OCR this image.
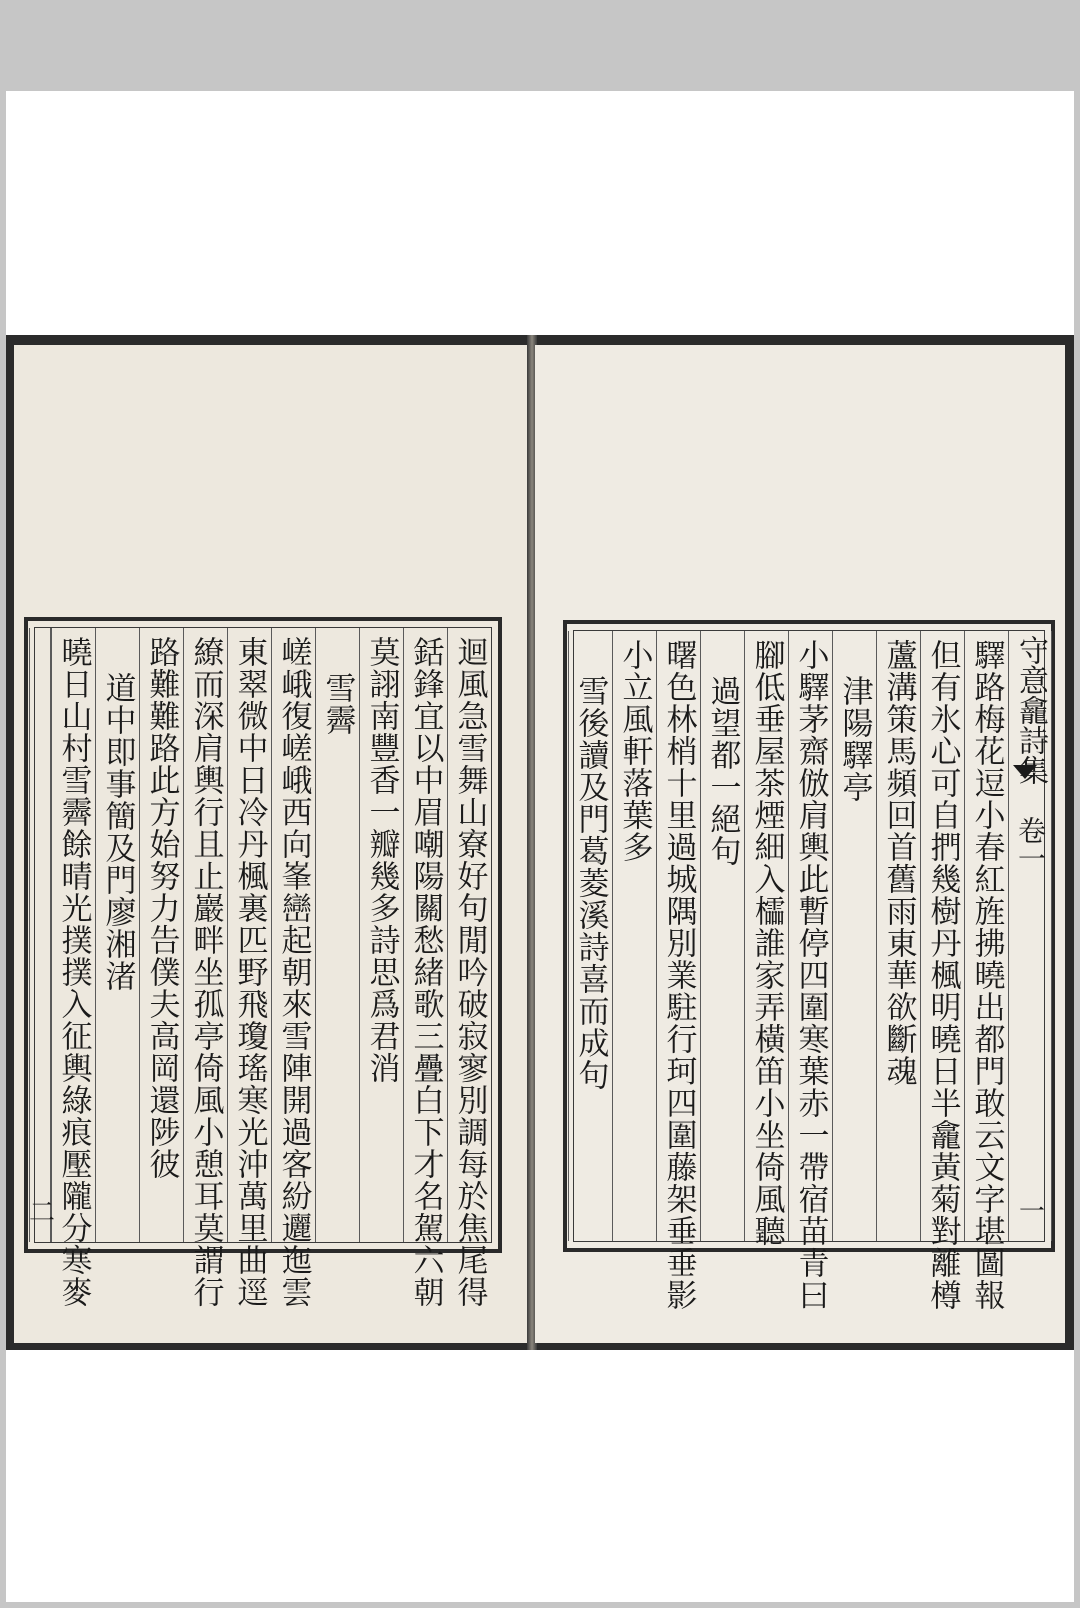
迴風急雪舞山寮好句閒吟破寂寥別調每於焦尾得
銛鋒宜以中眉嘲陽關愁緒歌三疊白下才名駕六朝
莫詡南豐香一瓣幾多詩思爲君消
雪霽
嵯峨復嵯峨西向峯巒起朝來雪陣開過客紛邐迤雲
東翠微中日冷丹楓裏匹野飛瓊瑤寒光沖萬里曲逕
繚而深肩輿行且止巖畔坐孤亭倚風小憩耳莫謂行
路難難路此方始努力告僕夫高岡還陟彼
道中即事簡及門廖湘渚
曉日山村雪霽餘晴光撲撲入征輿綠痕壓隴分寒麥
二
守意龕詩集
卷一
一
驛路梅花逗小春紅旌拂曉出都門敢云文字堪圖報
但有氷心可自捫幾樹丹楓明曉日半龕黃菊對離樽
蘆溝策馬頻回首舊雨東華欲斷魂
津陽驛亭
小驛茅齋倣肩輿此暫停四圍寒葉赤一帶宿苗青曰
腳低垂屋茶煙細入櫺誰家弄橫笛小坐倚風聽
過望都一絕句
曙色林梢十里過城隅別業駐行珂四圍藤架垂垂影
小立風軒落葉多
雪後讀及門葛菱溪詩喜而成句
